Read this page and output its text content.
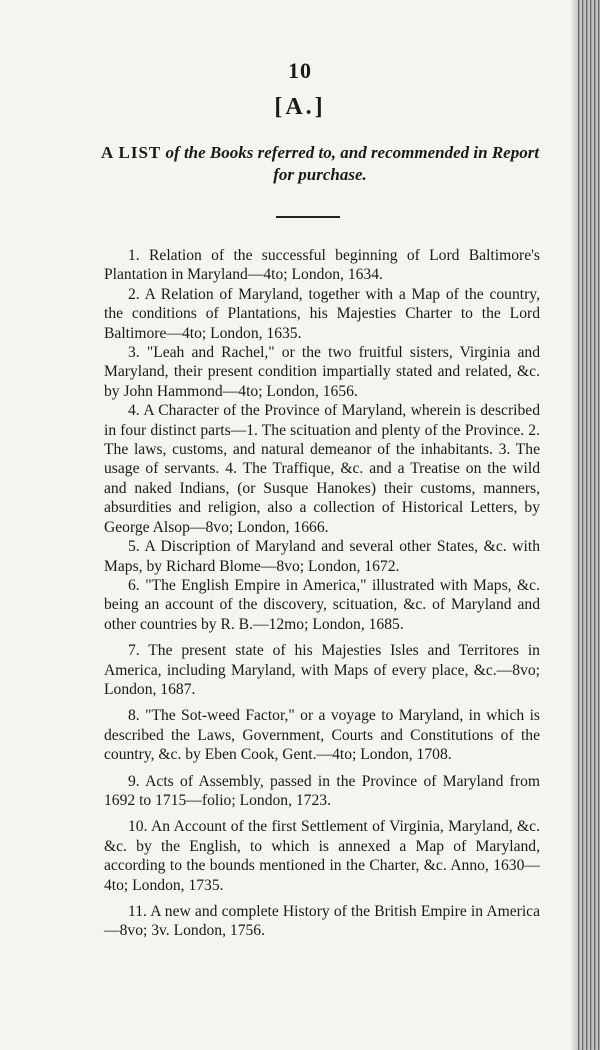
10
[A.]
A LIST of the Books referred to, and recommended in Report for purchase.

1. Relation of the successful beginning of Lord Baltimore's Plantation in Maryland—4to; London, 1634.

2. A Relation of Maryland, together with a Map of the country, the conditions of Plantations, his Majesties Charter to the Lord Baltimore—4to; London, 1635.

3. "Leah and Rachel," or the two fruitful sisters, Virginia and Maryland, their present condition impartially stated and related, &c. by John Hammond—4to; London, 1656.

4. A Character of the Province of Maryland, wherein is described in four distinct parts—1. The scituation and plenty of the Province. 2. The laws, customs, and natural demeanor of the inhabitants. 3. The usage of servants. 4. The Traffique, &c. and a Treatise on the wild and naked Indians, (or Susque Hanokes) their customs, manners, absurdities and religion, also a collection of Historical Letters, by George Alsop—8vo; London, 1666.

5. A Discription of Maryland and several other States, &c. with Maps, by Richard Blome—8vo; London, 1672.

6. "The English Empire in America," illustrated with Maps, &c. being an account of the discovery, scituation, &c. of Maryland and other countries by R. B.—12mo; London, 1685.

7. The present state of his Majesties Isles and Territores in America, including Maryland, with Maps of every place, &c.—8vo; London, 1687.

8. "The Sot-weed Factor," or a voyage to Maryland, in which is described the Laws, Government, Courts and Constitutions of the country, &c. by Eben Cook, Gent.—4to; London, 1708.

9. Acts of Assembly, passed in the Province of Maryland from 1692 to 1715—folio; London, 1723.

10. An Account of the first Settlement of Virginia, Maryland, &c. &c. by the English, to which is annexed a Map of Maryland, according to the bounds mentioned in the Charter, &c. Anno, 1630—4to; London, 1735.

11. A new and complete History of the British Empire in America—8vo; 3v. London, 1756.
